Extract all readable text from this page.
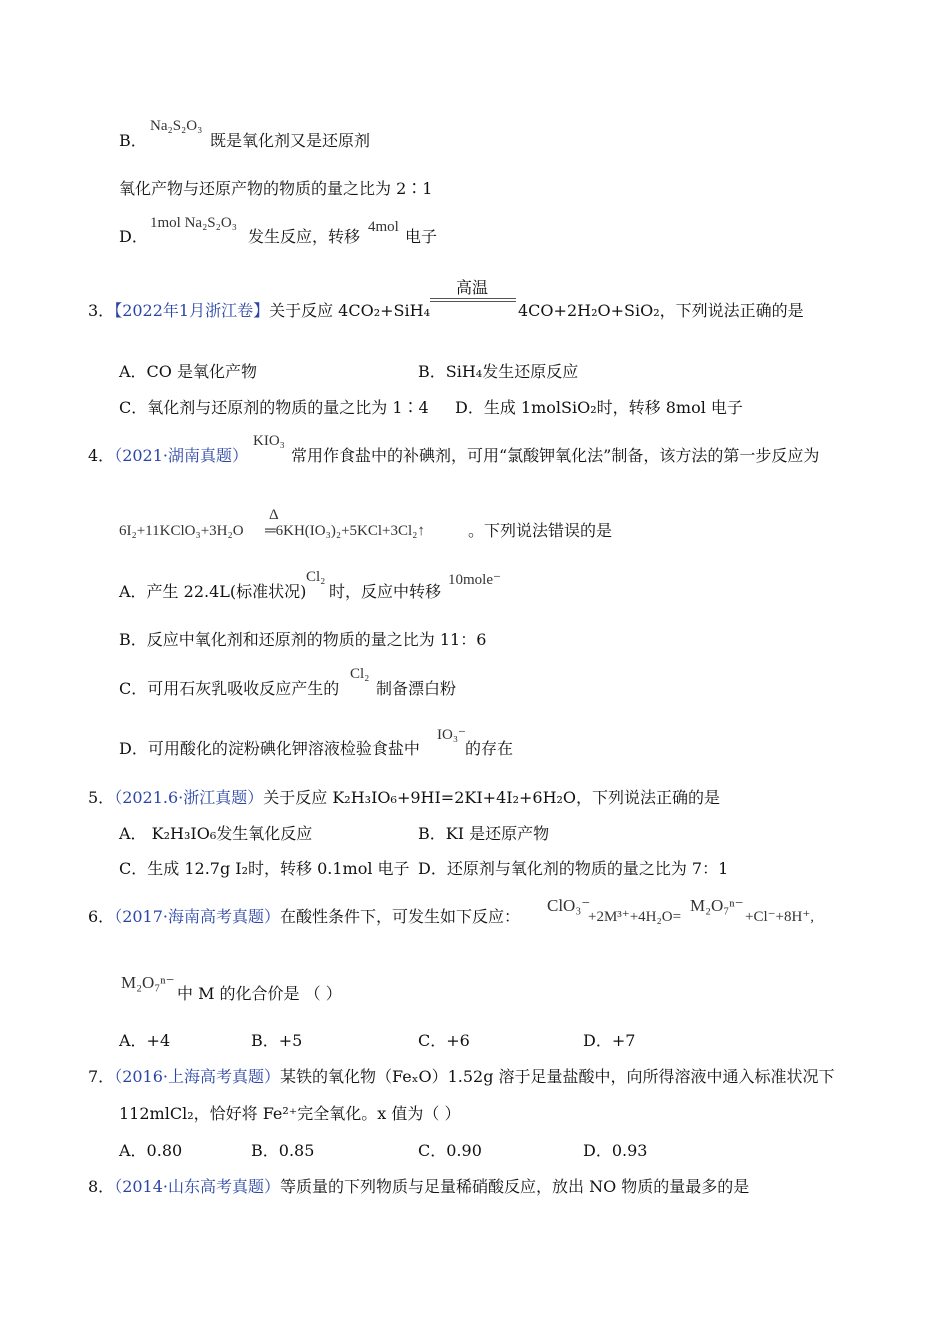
B．
Na₂S₂O₃
既是氧化剂又是还原剂
氧化产物与还原产物的物质的量之比为 2∶1
D．
1mol Na₂S₂O₃
发生反应，转移 4mol 电子
高温
3．【2022年1月浙江卷】关于反应 4CO₂+SiH₄	4CO+2H₂O+SiO₂，下列说法正确的是
A．CO 是氧化产物	B．SiH₄发生还原反应
C．氧化剂与还原剂的物质的量之比为 1∶4 D．生成 1molSiO₂时，转移 8mol 电子
4．（2021·湖南真题）
KIO₃
常用作食盐中的补碘剂，可用“氯酸钾氧化法”制备，该方法的第一步反应为
Δ
6I₂+11KClO₃+3H₂O ═6KH(IO₃)₂+5KCl+3Cl₂↑	。下列说法错误的是
A．产生 22.4L(标准状况)
Cl₂
时，反应中转移
10mole⁻
B．反应中氧化剂和还原剂的物质的量之比为 11：6
C．可用石灰乳吸收反应产生的
Cl₂
制备漂白粉
D．可用酸化的淀粉碘化钾溶液检验食盐中
IO₃⁻
的存在
5．（2021.6·浙江真题）关于反应 K₂H₃IO₆+9HI=2KI+4I₂+6H₂O，下列说法正确的是
A． K₂H₃IO₆发生氧化反应	B．KI 是还原产物
C．生成 12.7g I₂时，转移 0.1mol 电子 D．还原剂与氧化剂的物质的量之比为 7：1
6．（2017·海南高考真题）在酸性条件下，可发生如下反应：
ClO₃⁻
+2M³⁺+4H₂O=
M₂O₇ⁿ⁻
+Cl⁻+8H⁺,
M₂O₇ⁿ⁻
中 M 的化合价是 （ ）
A．+4	B．+5	C．+6	D．+7
7．（2016·上海高考真题）某铁的氧化物（FeₓO）1.52g 溶于足量盐酸中，向所得溶液中通入标准状况下
112mlCl₂，恰好将 Fe²⁺完全氧化。x 值为（ ）
A．0.80	B．0.85	C．0.90	D．0.93
8．（2014·山东高考真题）等质量的下列物质与足量稀硝酸反应，放出 NO 物质的量最多的是
